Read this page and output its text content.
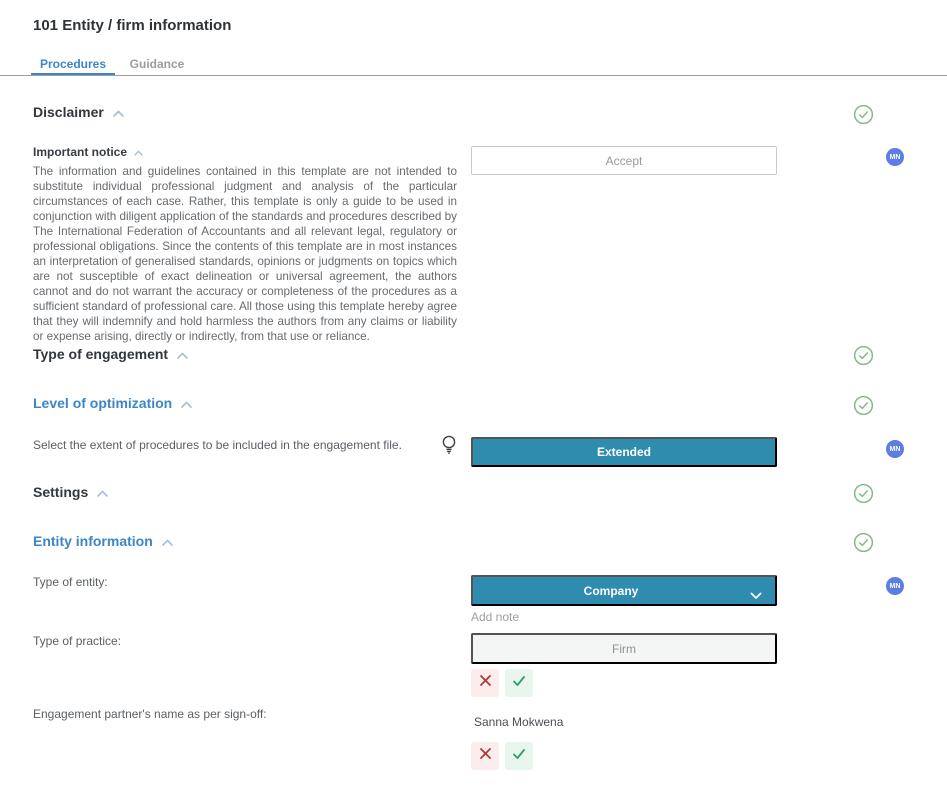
101 Entity / firm information
Procedures	Guidance
Disclaimer
Important notice
The information and guidelines contained in this template are not intended to substitute individual professional judgment and analysis of the particular circumstances of each case. Rather, this template is only a guide to be used in conjunction with diligent application of the standards and procedures described by The International Federation of Accountants and all relevant legal, regulatory or professional obligations. Since the contents of this template are in most instances an interpretation of generalised standards, opinions or judgments on topics which are not susceptible of exact delineation or universal agreement, the authors cannot and do not warrant the accuracy or completeness of the procedures as a sufficient standard of professional care. All those using this template hereby agree that they will indemnify and hold harmless the authors from any claims or liability or expense arising, directly or indirectly, from that use or reliance.
Accept	MN
Type of engagement
Level of optimization
Select the extent of procedures to be included in the engagement file.	Extended	MN
Settings
Entity information
Type of entity:
Company	MN
Add note
Type of practice:
Firm
Engagement partner's name as per sign-off:
Sanna Mokwena
